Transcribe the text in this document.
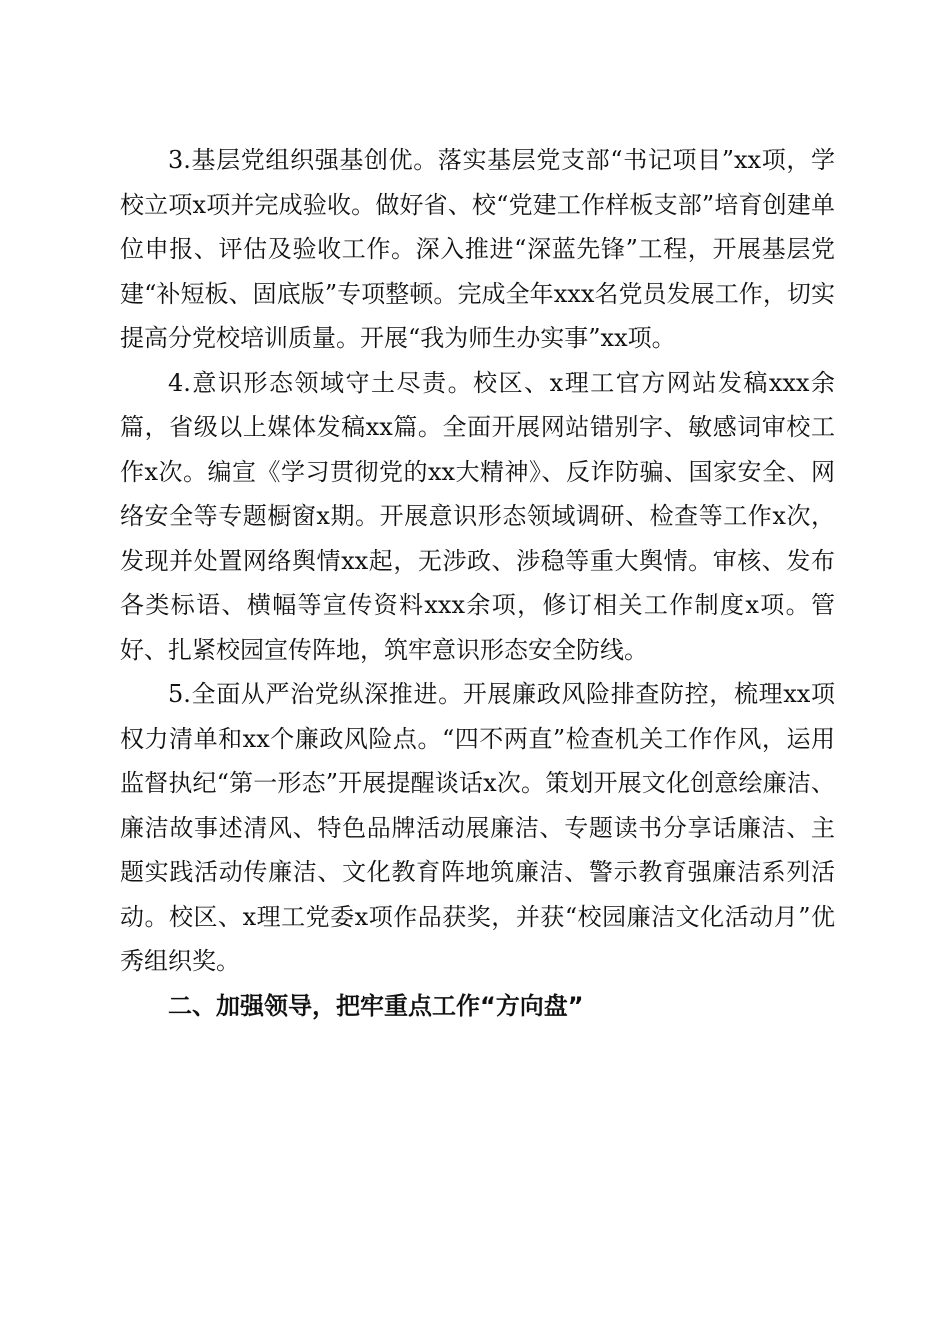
3.基层党组织强基创优。落实基层党支部“书记项目”xx项，学校立项x项并完成验收。做好省、校“党建工作样板支部”培育创建单位申报、评估及验收工作。深入推进“深蓝先锋”工程，开展基层党建“补短板、固底版”专项整顿。完成全年xxx名党员发展工作，切实提高分党校培训质量。开展“我为师生办实事”xx项。

4.意识形态领域守土尽责。校区、x理工官方网站发稿xxx余篇，省级以上媒体发稿xx篇。全面开展网站错别字、敏感词审校工作x次。编宣《学习贯彻党的xx大精神》、反诈防骗、国家安全、网络安全等专题橱窗x期。开展意识形态领域调研、检查等工作x次，发现并处置网络舆情xx起，无涉政、涉稳等重大舆情。审核、发布各类标语、横幅等宣传资料xxx余项，修订相关工作制度x项。管好、扎紧校园宣传阵地，筑牢意识形态安全防线。

5.全面从严治党纵深推进。开展廉政风险排查防控，梳理xx项权力清单和xx个廉政风险点。“四不两直”检查机关工作作风，运用监督执纪“第一形态”开展提醒谈话x次。策划开展文化创意绘廉洁、廉洁故事述清风、特色品牌活动展廉洁、专题读书分享话廉洁、主题实践活动传廉洁、文化教育阵地筑廉洁、警示教育强廉洁系列活动。校区、x理工党委x项作品获奖，并获“校园廉洁文化活动月”优秀组织奖。

二、加强领导，把牢重点工作“方向盘”
